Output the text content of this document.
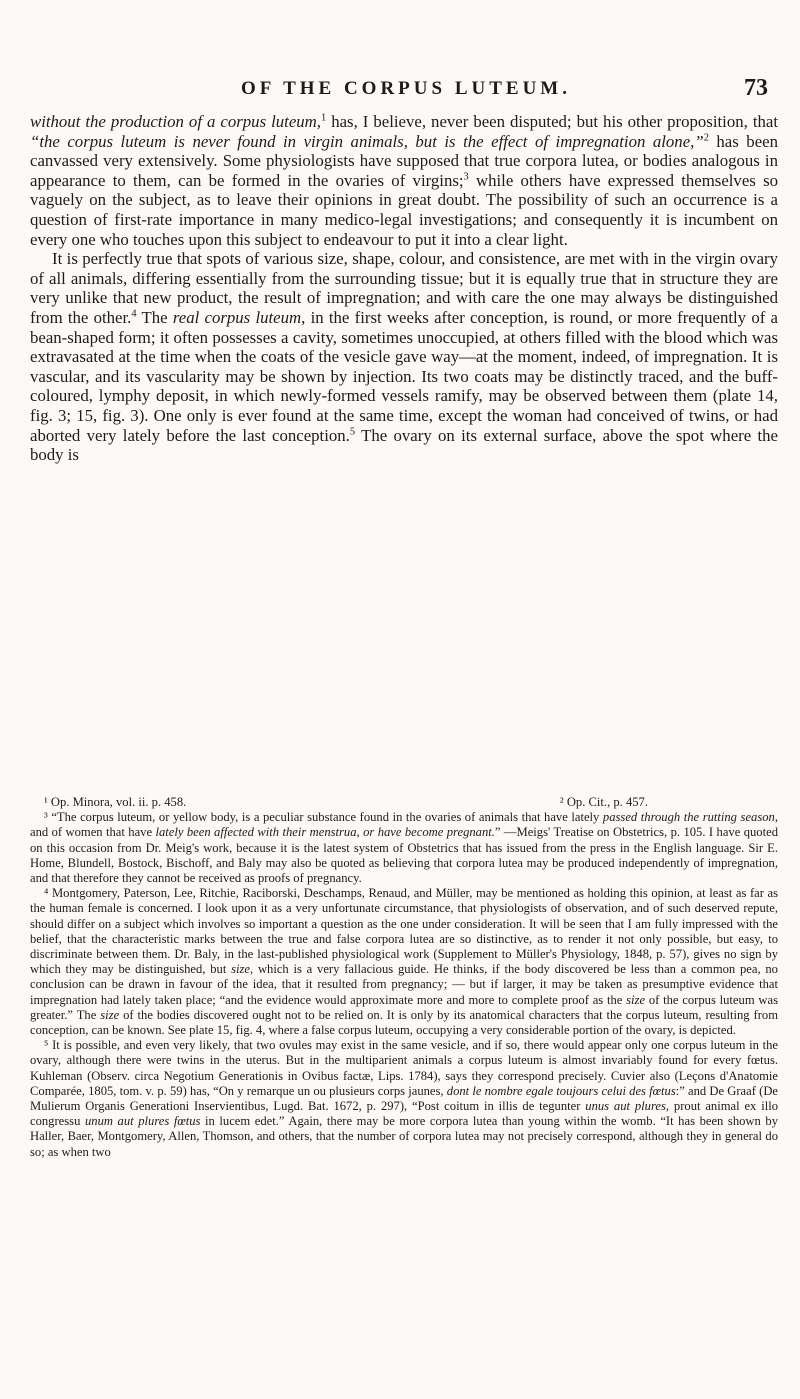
OF THE CORPUS LUTEUM.	73

without the production of a corpus luteum,$^1$ has, I believe, never been disputed; but his other proposition, that “the corpus luteum is never found in virgin animals, but is the effect of impregnation alone,”$^2$ has been canvassed very extensively. Some physiologists have supposed that true corpora lutea, or bodies analogous in appearance to them, can be formed in the ovaries of virgins;$^3$ while others have expressed themselves so vaguely on the subject, as to leave their opinions in great doubt. The possibility of such an occurrence is a question of first-rate importance in many medico-legal investigations; and consequently it is incumbent on every one who touches upon this subject to endeavour to put it into a clear light.

It is perfectly true that spots of various size, shape, colour, and consistence, are met with in the virgin ovary of all animals, differing essentially from the surrounding tissue; but it is equally true that in structure they are very unlike that new product, the result of impregnation; and with care the one may always be distinguished from the other.$^4$ The real corpus luteum, in the first weeks after conception, is round, or more frequently of a bean-shaped form; it often possesses a cavity, sometimes unoccupied, at others filled with the blood which was extravasated at the time when the coats of the vesicle gave way—at the moment, indeed, of impregnation. It is vascular, and its vascularity may be shown by injection. Its two coats may be distinctly traced, and the buff-coloured, lymphy deposit, in which newly-formed vessels ramify, may be observed between them (plate 14, fig. 3; 15, fig. 3). One only is ever found at the same time, except the woman had conceived of twins, or had aborted very lately before the last conception.$^5$ The ovary on its external surface, above the spot where the body is

¹ Op. Minora, vol. ii. p. 458.	² Op. Cit., p. 457.

³ “The corpus luteum, or yellow body, is a peculiar substance found in the ovaries of animals that have lately passed through the rutting season, and of women that have lately been affected with their menstrua, or have become pregnant.” —Meigs' Treatise on Obstetrics, p. 105. I have quoted on this occasion from Dr. Meig's work, because it is the latest system of Obstetrics that has issued from the press in the English language. Sir E. Home, Blundell, Bostock, Bischoff, and Baly may also be quoted as believing that corpora lutea may be produced independently of impregnation, and that therefore they cannot be received as proofs of pregnancy.

⁴ Montgomery, Paterson, Lee, Ritchie, Raciborski, Deschamps, Renaud, and Müller, may be mentioned as holding this opinion, at least as far as the human female is concerned. I look upon it as a very unfortunate circumstance, that physiologists of observation, and of such deserved repute, should differ on a subject which involves so important a question as the one under consideration. It will be seen that I am fully impressed with the belief, that the characteristic marks between the true and false corpora lutea are so distinctive, as to render it not only possible, but easy, to discriminate between them. Dr. Baly, in the last-published physiological work (Supplement to Müller's Physiology, 1848, p. 57), gives no sign by which they may be distinguished, but size, which is a very fallacious guide. He thinks, if the body discovered be less than a common pea, no conclusion can be drawn in favour of the idea, that it resulted from pregnancy; — but if larger, it may be taken as presumptive evidence that impregnation had lately taken place; “and the evidence would approximate more and more to complete proof as the size of the corpus luteum was greater.” The size of the bodies discovered ought not to be relied on. It is only by its anatomical characters that the corpus luteum, resulting from conception, can be known. See plate 15, fig. 4, where a false corpus luteum, occupying a very considerable portion of the ovary, is depicted.

⁵ It is possible, and even very likely, that two ovules may exist in the same vesicle, and if so, there would appear only one corpus luteum in the ovary, although there were twins in the uterus. But in the multiparient animals a corpus luteum is almost invariably found for every fœtus. Kuhleman (Observ. circa Negotium Generationis in Ovibus factæ, Lips. 1784), says they correspond precisely. Cuvier also (Leçons d'Anatomie Comparée, 1805, tom. v. p. 59) has, “On y remarque un ou plusieurs corps jaunes, dont le nombre egale toujours celui des fœtus:” and De Graaf (De Mulierum Organis Generationi Inservientibus, Lugd. Bat. 1672, p. 297), “Post coitum in illis de tegunter unus aut plures, prout animal ex illo congressu unum aut plures fœtus in lucem edet.” Again, there may be more corpora lutea than young within the womb. “It has been shown by Haller, Baer, Montgomery, Allen, Thomson, and others, that the number of corpora lutea may not precisely correspond, although they in general do so; as when two
